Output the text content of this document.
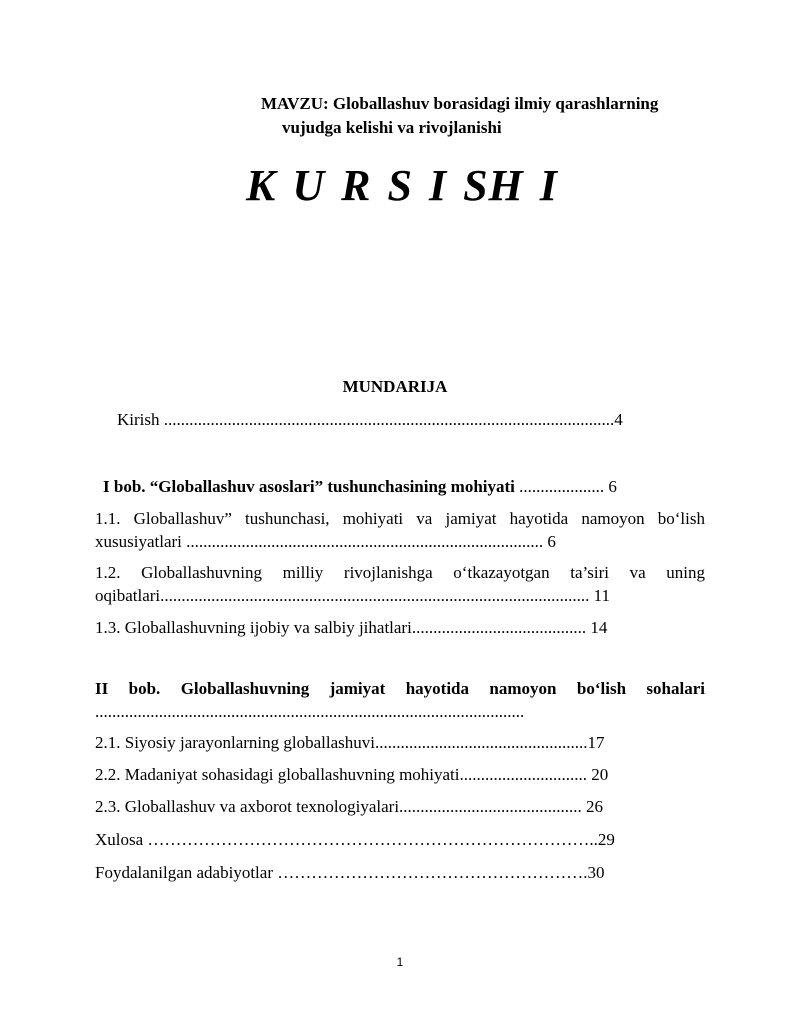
MAVZU: Globallashuv borasidagi ilmiy qarashlarning
vujudga kelishi va rivojlanishi
K U R S I SH I
MUNDARIJA
Kirish ..........................................................................................................4
I bob. “Globallashuv asoslari” tushunchasining mohiyati .................... 6
1.1. Globallashuv” tushunchasi, mohiyati va jamiyat hayotida namoyon bo‘lish
xususiyatlari .................................................................................... 6
1.2. Globallashuvning milliy rivojlanishga o‘tkazayotgan ta’siri va uning
oqibatlari..................................................................................................... 11
1.3. Globallashuvning ijobiy va salbiy jihatlari......................................... 14
II bob. Globallashuvning jamiyat hayotida namoyon bo‘lish sohalari
.....................................................................................................
2.1. Siyosiy jarayonlarning globallashuvi..................................................17
2.2. Madaniyat sohasidagi globallashuvning mohiyati.............................. 20
2.3. Globallashuv va axborot texnologiyalari........................................... 26
Xulosa ……………………………………………………………………..29
Foydalanilgan adabiyotlar ……………………………………………….30
1
